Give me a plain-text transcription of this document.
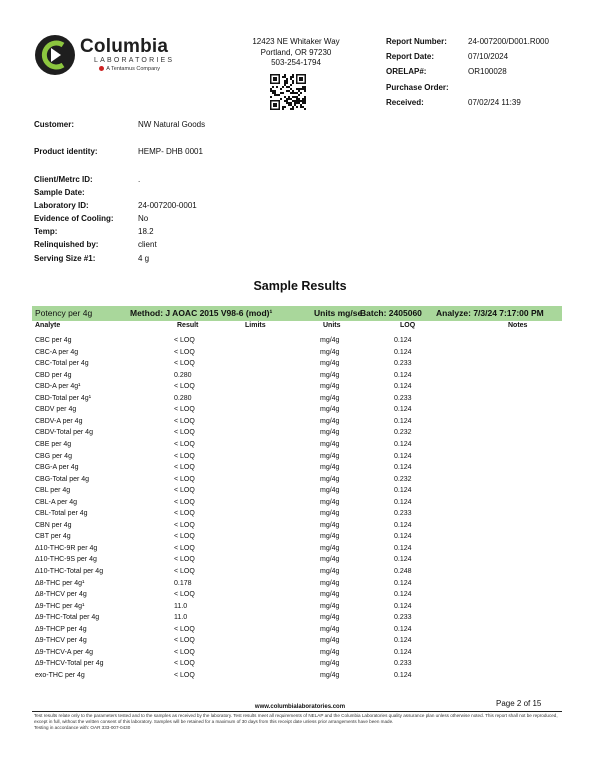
Columbia
LABORATORIES
A Tentamus Company
12423 NE Whitaker Way
Portland, OR 97230
503-254-1794
Report Number:	24-007200/D001.R000
Report Date:	07/10/2024
ORELAP#:	OR100028
Purchase Order:
Received:	07/02/24 11:39
Customer:	NW Natural Goods
Product identity:	HEMP- DHB 0001
Client/Metrc ID:	.
Sample Date:
Laboratory ID:	24-007200-0001
Evidence of Cooling:	No
Temp:	18.2
Relinquished by:	client
Serving Size #1:	4 g
Sample Results
Potency per 4g	Method: J AOAC 2015 V98-6 (mod)¹	Units mg/se
Batch: 2405060 Analyze: 7/3/24 7:17:00 PM
Analyte	Result	Limits	Units	LOQ	Notes
CBC per 4g	< LOQ	mg/4g	0.124
CBC-A per 4g	< LOQ	mg/4g	0.124
CBC-Total per 4g	< LOQ	mg/4g	0.233
CBD per 4g	0.280	mg/4g	0.124
CBD-A per 4g¹	< LOQ	mg/4g	0.124
CBD-Total per 4g¹	0.280	mg/4g	0.233
CBDV per 4g	< LOQ	mg/4g	0.124
CBDV-A per 4g	< LOQ	mg/4g	0.124
CBDV-Total per 4g	< LOQ	mg/4g	0.232
CBE per 4g	< LOQ	mg/4g	0.124
CBG per 4g	< LOQ	mg/4g	0.124
CBG-A per 4g	< LOQ	mg/4g	0.124
CBG-Total per 4g	< LOQ	mg/4g	0.232
CBL per 4g	< LOQ	mg/4g	0.124
CBL-A per 4g	< LOQ	mg/4g	0.124
CBL-Total per 4g	< LOQ	mg/4g	0.233
CBN per 4g	< LOQ	mg/4g	0.124
CBT per 4g	< LOQ	mg/4g	0.124
Δ10-THC-9R per 4g	< LOQ	mg/4g	0.124
Δ10-THC-9S per 4g	< LOQ	mg/4g	0.124
Δ10-THC-Total per 4g	< LOQ	mg/4g	0.248
Δ8-THC per 4g¹	0.178	mg/4g	0.124
Δ8-THCV per 4g	< LOQ	mg/4g	0.124
Δ9-THC per 4g¹	11.0	mg/4g	0.124
Δ9-THC-Total per 4g	11.0	mg/4g	0.233
Δ9-THCP per 4g	< LOQ	mg/4g	0.124
Δ9-THCV per 4g	< LOQ	mg/4g	0.124
Δ9-THCV-A per 4g	< LOQ	mg/4g	0.124
Δ9-THCV-Total per 4g	< LOQ	mg/4g	0.233
exo-THC per 4g	< LOQ	mg/4g	0.124
Page 2 of 15
www.columbialaboratories.com
Test results relate only to the parameters tested and to the samples as received by the laboratory. Test results meet all requirements of NELAP and the Columbia Laboratories quality assurance plan unless otherwise noted. This report shall not be reproduced, except in full, without the written consent of this laboratory. Samples will be retained for a maximum of 30 days from this receipt date unless prior arrangements have been made.
Testing in accordance with: OAR 333-007-0430
